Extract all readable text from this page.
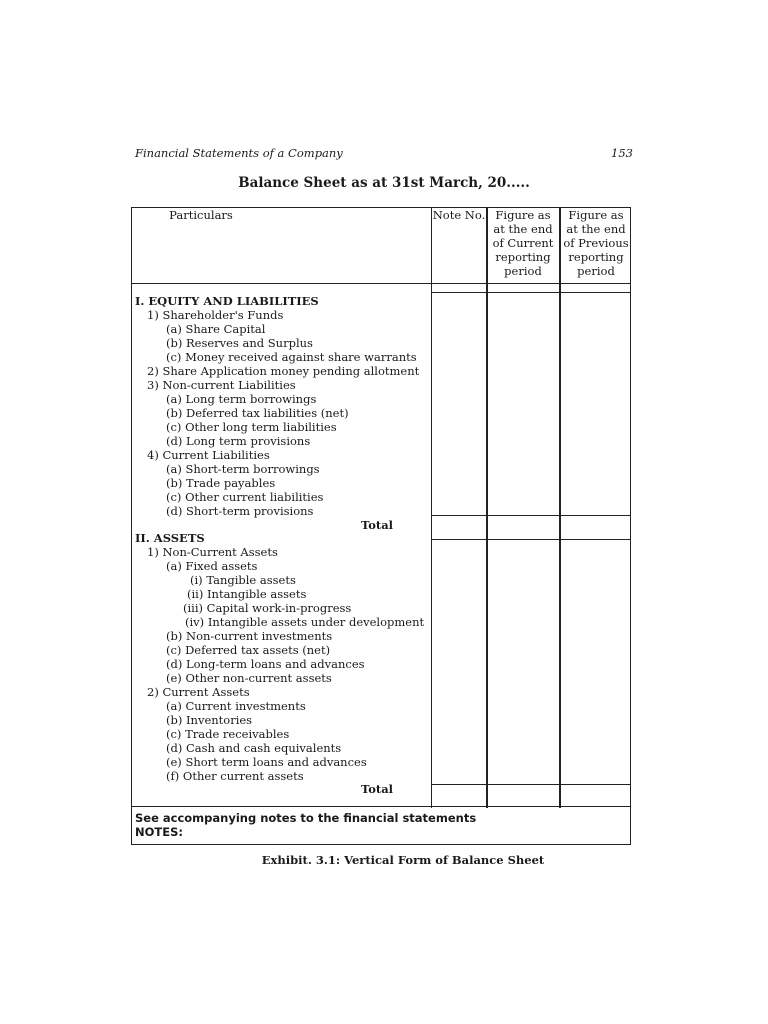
Financial Statements of a Company	153
Balance Sheet as at 31st March, 20.....
Particulars	Note No. Figure as
at the end
of Current
reporting
period
Figure as
at the end
of Previous
reporting
period
I. EQUITY AND LIABILITIES
1) Shareholder's Funds
(a) Share Capital
(b) Reserves and Surplus
(c) Money received against share warrants
2) Share Application money pending allotment
3) Non-current Liabilities
(a) Long term borrowings
(b) Deferred tax liabilities (net)
(c) Other long term liabilities
(d) Long term provisions
4) Current Liabilities
(a) Short-term borrowings
(b) Trade payables
(c) Other current liabilities
(d) Short-term provisions
Total
II. ASSETS
1) Non-Current Assets
(a) Fixed assets
(i) Tangible assets
(ii) Intangible assets
(iii) Capital work-in-progress
(iv) Intangible assets under development
(b) Non-current investments
(c) Deferred tax assets (net)
(d) Long-term loans and advances
(e) Other non-current assets
2) Current Assets
(a) Current investments
(b) Inventories
(c) Trade receivables
(d) Cash and cash equivalents
(e) Short term loans and advances
(f) Other current assets
Total
See accompanying notes to the financial statements
NOTES:
Exhibit. 3.1: Vertical Form of Balance Sheet
